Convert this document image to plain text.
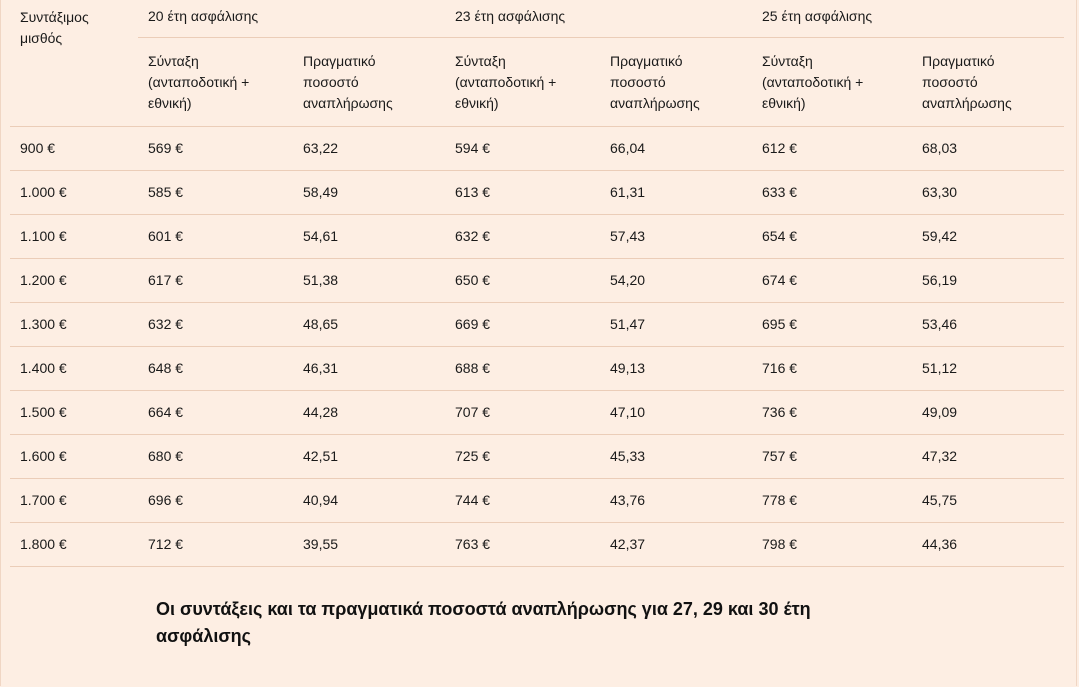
Συντάξιμος μισθός	20 έτη ασφάλισης		23 έτη ασφάλισης		25 έτη ασφάλισης	
	Σύνταξη (ανταποδοτική + εθνική)	Πραγματικό ποσοστό αναπλήρωσης	Σύνταξη (ανταποδοτική + εθνική)	Πραγματικό ποσοστό αναπλήρωσης	Σύνταξη (ανταποδοτική + εθνική)	Πραγματικό ποσοστό αναπλήρωσης
900 €	569 €	63,22	594 €	66,04	612 €	68,03
1.000 €	585 €	58,49	613 €	61,31	633 €	63,30
1.100 €	601 €	54,61	632 €	57,43	654 €	59,42
1.200 €	617 €	51,38	650 €	54,20	674 €	56,19
1.300 €	632 €	48,65	669 €	51,47	695 €	53,46
1.400 €	648 €	46,31	688 €	49,13	716 €	51,12
1.500 €	664 €	44,28	707 €	47,10	736 €	49,09
1.600 €	680 €	42,51	725 €	45,33	757 €	47,32
1.700 €	696 €	40,94	744 €	43,76	778 €	45,75
1.800 €	712 €	39,55	763 €	42,37	798 €	44,36
Οι συντάξεις και τα πραγματικά ποσοστά αναπλήρωσης για 27, 29 και 30 έτη ασφάλισης
